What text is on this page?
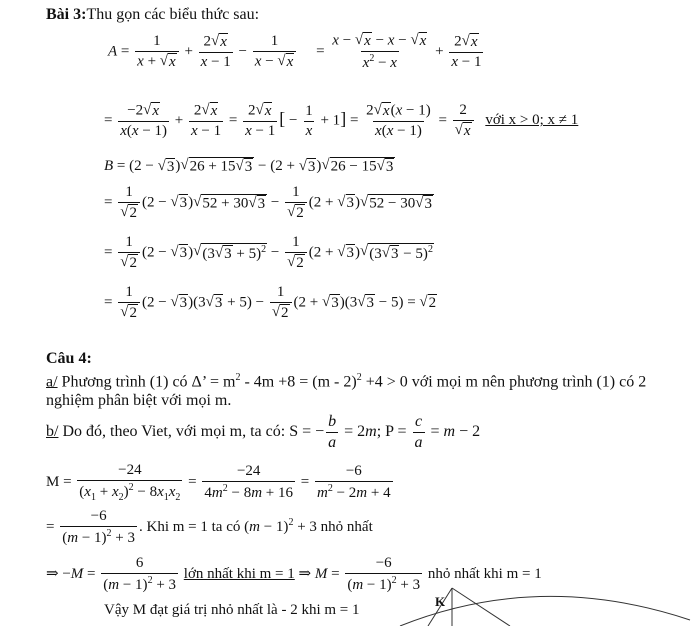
Bài 3:Thu gọn các biểu thức sau:
$A = \frac{1}{x + √ x} + \frac{2 √ x}{x - 1} - \frac{1}{x - √ x} = \frac{x - √ x - x - √ x}{x^2 - x} + \frac{2 √ x}{x - 1}$
= $\frac{-2 √ x}{x(x - 1)} + \frac{2 √ x}{x - 1} = \frac{2 √ x}{x - 1}$ [ − $\frac{1}{x} + 1] = \frac{2 √ x (x - 1)}{x(x - 1)} = \frac{2}{√ x}$ với x > 0; x ≠ 1
B = (2 − √ 3 ) √ 26 + 15 √ 3 − (2 + √ 3 ) √ 26 − 15 √ 3
= $\frac{1}{√ 2} (2$ − √ 3 ) √ 52 + 30 √ $3 - \frac{1}{√ 2} (2$ + √ 3 ) √ 52 − 30 √ 3
= $\frac{1}{√ 2} (2$ − √ 3 ) √ (3 √ $3 + 5)^2 - \frac{1}{√ 2} (2$ + √ 3 ) √ (3 √ 3 − 5)$^2$
= $\frac{1}{√ 2} (2$ − √ 3 )(3 √ $3 + 5) - \frac{1}{√ 2} (2$ + √ 3 )(3 √ 3 − 5) = √ 2
Câu 4:
a/ Phương trình (1) có Δ’ = $m^2 - 4m +8 = (m - 2)^2 +4 > 0$ với mọi m nên phương trình (1) có 2
nghiệm phân biệt với mọi m.
b/ Do đó, theo Viet, với mọi m, ta có: S = − $\frac{b}{a} = 2m$; $P = \frac{c}{a} = m - 2$
$M = \frac{-24}{(x_1 + x_2)^2 - 8x_1x_2} = \frac{-24}{4m^2 - 8m + 16} = \frac{-6}{m^2 - 2m + 4}$
= $\frac{-6}{(m - 1)^2 + 3}$ . Khi m = 1 ta có $(m - 1)^2 + 3$ nhỏ nhất
⇒ $-M = \frac{6}{(m - 1)^2 + 3}$ lớn nhất khi m = 1 ⇒ $M = \frac{-6}{(m - 1)^2 + 3}$ nhỏ nhất khi m = 1
Vậy M đạt giá trị nhỏ nhất là - 2 khi m = 1
K
